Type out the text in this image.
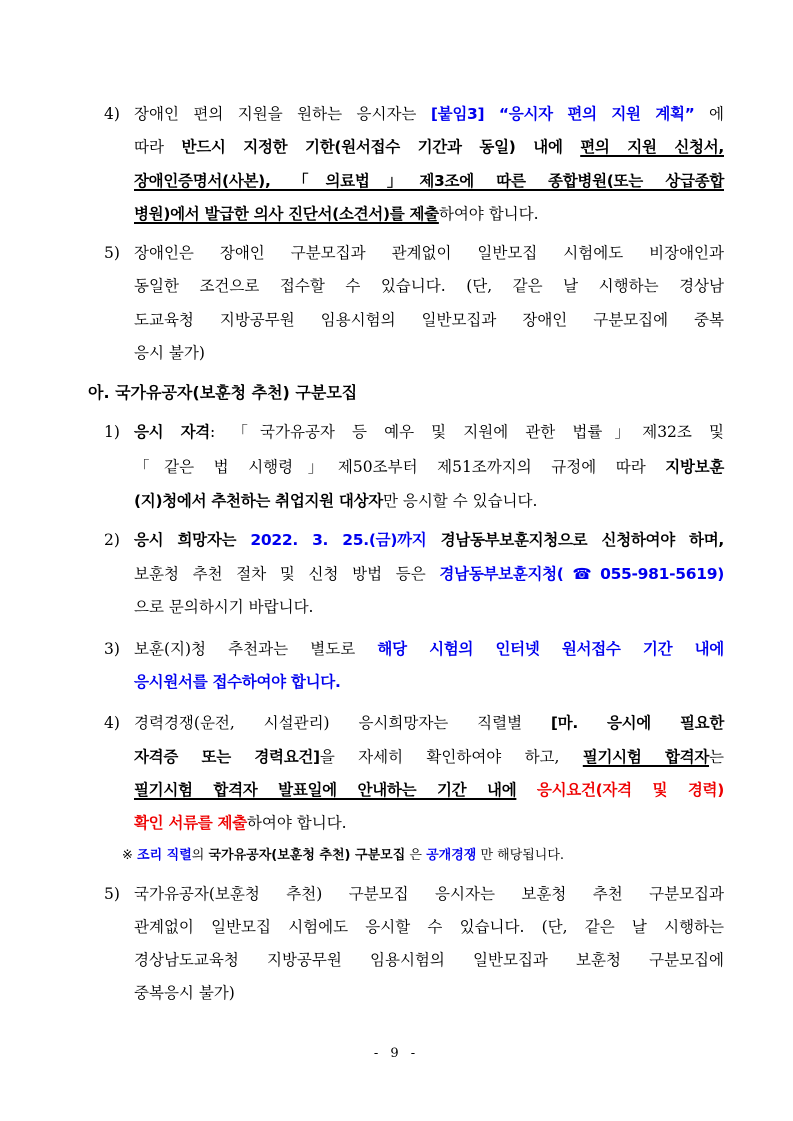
4) 장애인 편의 지원을 원하는 응시자는 [붙임3] “응시자 편의 지원 계획” 에
따라 반드시 지정한 기한(원서접수 기간과 동일) 내에 편의 지원 신청서,
장애인증명서(사본), 「의료법」제3조에 따른 종합병원(또는 상급종합
병원)에서 발급한 의사 진단서(소견서)를 제출하여야 합니다.
5) 장애인은 장애인 구분모집과 관계없이 일반모집 시험에도 비장애인과
동일한 조건으로 접수할 수 있습니다. (단, 같은 날 시행하는 경상남
도교육청 지방공무원 임용시험의 일반모집과 장애인 구분모집에 중복
응시 불가)
아. 국가유공자(보훈청 추천) 구분모집
1) 응시 자격: 「국가유공자 등 예우 및 지원에 관한 법률」제32조 및
「같은 법 시행령」제50조부터 제51조까지의 규정에 따라 지방보훈
(지)청에서 추천하는 취업지원 대상자만 응시할 수 있습니다.
2) 응시 희망자는 2022. 3. 25.(금)까지 경남동부보훈지청으로 신청하여야 하며,
보훈청 추천 절차 및 신청 방법 등은 경남동부보훈지청(☎055-981-5619)
으로 문의하시기 바랍니다.
3) 보훈(지)청 추천과는 별도로 해당 시험의 인터넷 원서접수 기간 내에
응시원서를 접수하여야 합니다.
4) 경력경쟁(운전, 시설관리) 응시희망자는 직렬별 [마. 응시에 필요한
자격증 또는 경력요건]을 자세히 확인하여야 하고, 필기시험 합격자는
필기시험 합격자 발표일에 안내하는 기간 내에 응시요건(자격 및 경력)
확인 서류를 제출하여야 합니다.
※ 조리 직렬의 국가유공자(보훈청 추천) 구분모집 은 공개경쟁 만 해당됩니다.
5) 국가유공자(보훈청 추천) 구분모집 응시자는 보훈청 추천 구분모집과
관계없이 일반모집 시험에도 응시할 수 있습니다. (단, 같은 날 시행하는
경상남도교육청 지방공무원 임용시험의 일반모집과 보훈청 구분모집에
중복응시 불가)
- 9 -
